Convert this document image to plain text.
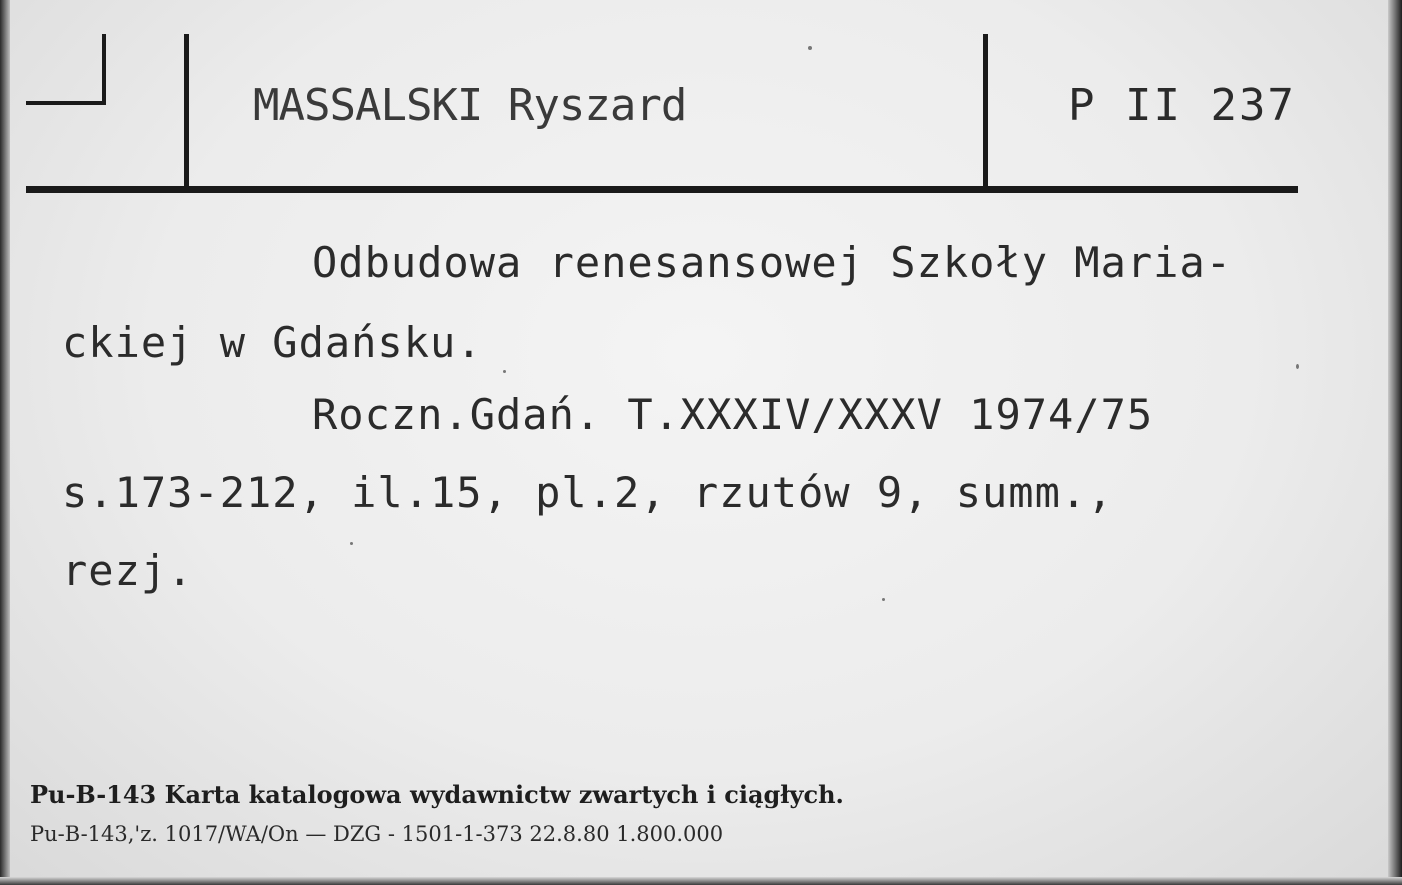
MASSALSKI Ryszard	P II 237
Odbudowa renesansowej Szkoły Maria-
ckiej w Gdańsku.
Roczn.Gdań. T.XXXIV/XXXV 1974/75
s.173-212, il.15, pl.2, rzutów 9, summ.,
rezj.
Pu-B-143 Karta katalogowa wydawnictw zwartych i ciągłych.
Pu-B-143,'z. 1017/WA/On — DZG - 1501-1-373 22.8.80 1.800.000
